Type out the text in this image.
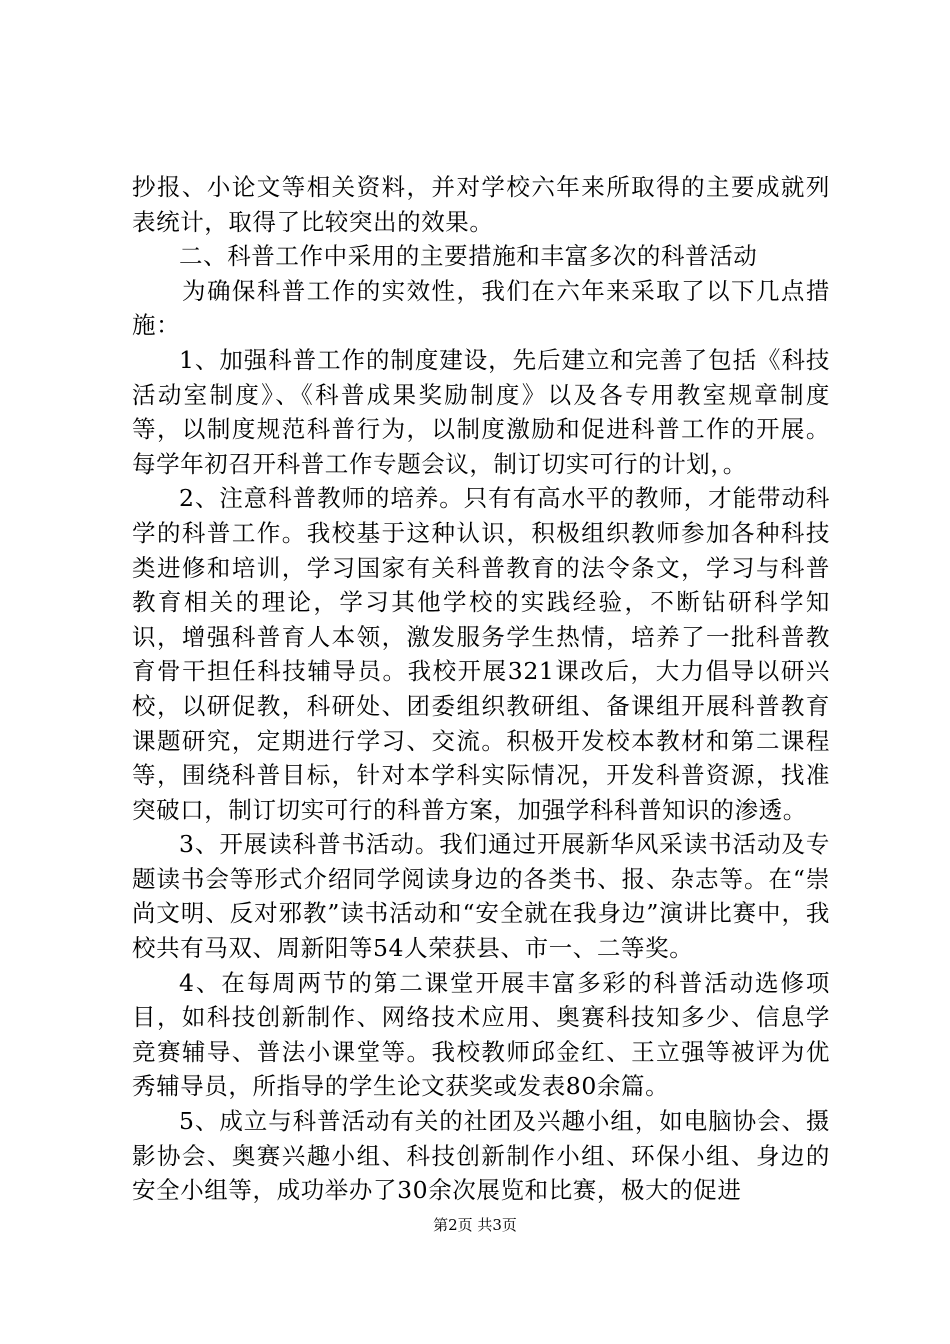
抄报、小论文等相关资料，并对学校六年来所取得的主要成就列表统计，取得了比较突出的效果。

二、科普工作中采用的主要措施和丰富多次的科普活动

为确保科普工作的实效性，我们在六年来采取了以下几点措施：

1、加强科普工作的制度建设，先后建立和完善了包括《科技活动室制度》、《科普成果奖励制度》以及各专用教室规章制度等，以制度规范科普行为，以制度激励和促进科普工作的开展。每学年初召开科普工作专题会议，制订切实可行的计划，。

2、注意科普教师的培养。只有有高水平的教师，才能带动科学的科普工作。我校基于这种认识，积极组织教师参加各种科技类进修和培训，学习国家有关科普教育的法令条文，学习与科普教育相关的理论，学习其他学校的实践经验，不断钻研科学知识，增强科普育人本领，激发服务学生热情，培养了一批科普教育骨干担任科技辅导员。我校开展321课改后，大力倡导以研兴校，以研促教，科研处、团委组织教研组、备课组开展科普教育课题研究，定期进行学习、交流。积极开发校本教材和第二课程等，围绕科普目标，针对本学科实际情况，开发科普资源，找准突破口，制订切实可行的科普方案，加强学科科普知识的渗透。

3、开展读科普书活动。我们通过开展新华风采读书活动及专题读书会等形式介绍同学阅读身边的各类书、报、杂志等。在“崇尚文明、反对邪教”读书活动和“安全就在我身边”演讲比赛中，我校共有马双、周新阳等54人荣获县、市一、二等奖。

4、在每周两节的第二课堂开展丰富多彩的科普活动选修项目，如科技创新制作、网络技术应用、奥赛科技知多少、信息学竞赛辅导、普法小课堂等。我校教师邱金红、王立强等被评为优秀辅导员，所指导的学生论文获奖或发表80余篇。

5、成立与科普活动有关的社团及兴趣小组，如电脑协会、摄影协会、奥赛兴趣小组、科技创新制作小组、环保小组、身边的安全小组等，成功举办了30余次展览和比赛，极大的促进

第2页 共3页
